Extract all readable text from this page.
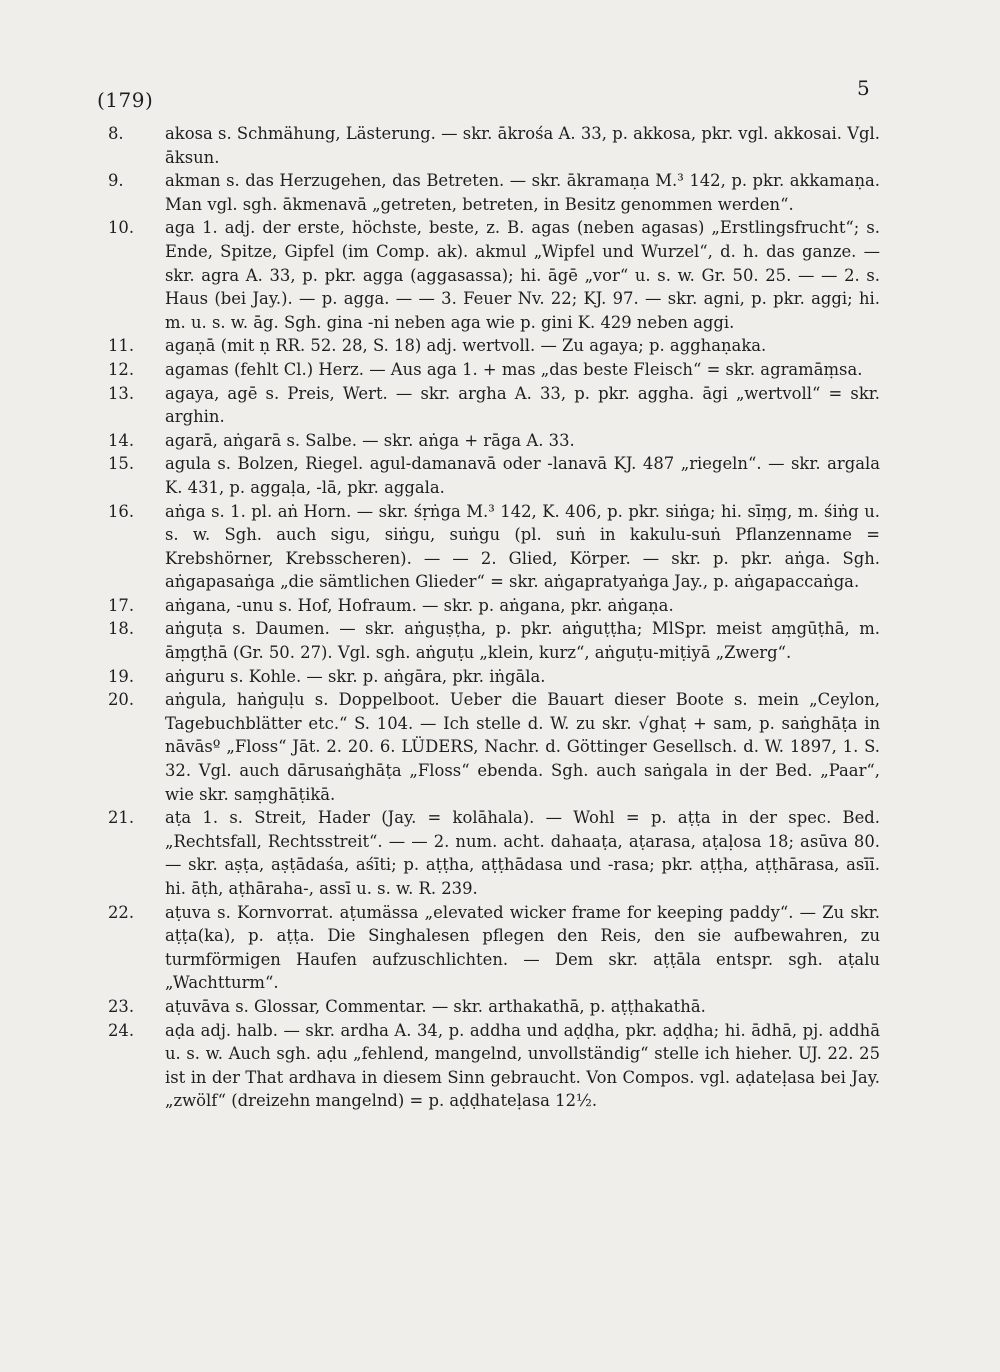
(179)	5
8.	akosa s. Schmähung, Lästerung. — skr. ākrośa A. 33, p. akkosa, pkr. vgl. akkosai. Vgl. āksun.
9.	akman s. das Herzugehen, das Betreten. — skr. ākramaṇa M.³ 142, p. pkr. akkamaṇa. Man vgl. sgh. ākmenavā „getreten, betreten, in Besitz genommen werden“.
10. aga 1. adj. der erste, höchste, beste, z. B. agas (neben agasas) „Erstlingsfrucht“; s. Ende, Spitze, Gipfel (im Comp. ak). akmul „Wipfel und Wurzel“, d. h. das ganze. — skr. agra A. 33, p. pkr. agga (aggasassa); hi. āgē „vor“ u. s. w. Gr. 50. 25. — — 2. s. Haus (bei Jay.). — p. agga. — — 3. Feuer Nv. 22; KJ. 97. — skr. agni, p. pkr. aggi; hi. m. u. s. w. āg. Sgh. gina -ni neben aga wie p. gini K. 429 neben aggi.
11. agaṇā (mit ṇ RR. 52. 28, S. 18) adj. wertvoll. — Zu agaya; p. agghaṇaka.
12. agamas (fehlt Cl.) Herz. — Aus aga 1. + mas „das beste Fleisch“ = skr. agramāṃsa.
13. agaya, agē s. Preis, Wert. — skr. argha A. 33, p. pkr. aggha. āgi „wertvoll“ = skr. arghin.
14. agarā, aṅgarā s. Salbe. — skr. aṅga + rāga A. 33.
15. agula s. Bolzen, Riegel. agul-damanavā oder -lanavā KJ. 487 „riegeln“. — skr. argala K. 431, p. aggaḷa, -lā, pkr. aggala.
16. aṅga s. 1. pl. aṅ Horn. — skr. śṛṅga M.³ 142, K. 406, p. pkr. siṅga; hi. sīṃg, m. śiṅg u. s. w. Sgh. auch sigu, siṅgu, suṅgu (pl. suṅ in kakulu-suṅ Pflanzenname = Krebshörner, Krebsscheren). — — 2. Glied, Körper. — skr. p. pkr. aṅga. Sgh. aṅgapasaṅga „die sämtlichen Glieder“ = skr. aṅgapratyaṅga Jay., p. aṅgapaccaṅga.
17. aṅgana, -unu s. Hof, Hofraum. — skr. p. aṅgana, pkr. aṅgaṇa.
18. aṅguṭa s. Daumen. — skr. aṅguṣṭha, p. pkr. aṅguṭṭha; MlSpr. meist aṃgūṭhā, m. āṃgṭhā (Gr. 50. 27). Vgl. sgh. aṅguṭu „klein, kurz“, aṅguṭu-miṭiyā „Zwerg“.
19. aṅguru s. Kohle. — skr. p. aṅgāra, pkr. iṅgāla.
20. aṅgula, haṅguḷu s. Doppelboot. Ueber die Bauart dieser Boote s. mein „Ceylon, Tagebuchblätter etc.“ S. 104. — Ich stelle d. W. zu skr. √ghaṭ + sam, p. saṅghāṭa in nāvāsº „Floss“ Jāt. 2. 20. 6. LÜDERS, Nachr. d. Göttinger Gesellsch. d. W. 1897, 1. S. 32. Vgl. auch dārusaṅghāṭa „Floss“ ebenda. Sgh. auch saṅgala in der Bed. „Paar“, wie skr. saṃghāṭikā.
21. aṭa 1. s. Streit, Hader (Jay. = kolāhala). — Wohl = p. aṭṭa in der spec. Bed. „Rechtsfall, Rechtsstreit“. — — 2. num. acht. dahaaṭa, aṭarasa, aṭaḷosa 18; asūva 80. — skr. aṣṭa, aṣṭādaśa, aśīti; p. aṭṭha, aṭṭhādasa und -rasa; pkr. aṭṭha, aṭṭhārasa, asīī. hi. āṭh, aṭhāraha-, assī u. s. w. R. 239.
22. aṭuva s. Kornvorrat. aṭumässa „elevated wicker frame for keeping paddy“. — Zu skr. aṭṭa(ka), p. aṭṭa. Die Singhalesen pflegen den Reis, den sie aufbewahren, zu turmförmigen Haufen aufzuschlichten. — Dem skr. aṭṭāla entspr. sgh. aṭalu „Wachtturm“.
23. aṭuvāva s. Glossar, Commentar. — skr. arthakathā, p. aṭṭhakathā.
24. aḍa adj. halb. — skr. ardha A. 34, p. addha und aḍḍha, pkr. aḍḍha; hi. ādhā, pj. addhā u. s. w. Auch sgh. aḍu „fehlend, mangelnd, unvollständig“ stelle ich hieher. UJ. 22. 25 ist in der That ardhava in diesem Sinn gebraucht. Von Compos. vgl. aḍateḷasa bei Jay. „zwölf“ (dreizehn mangelnd) = p. aḍḍhateḷasa 12½.
